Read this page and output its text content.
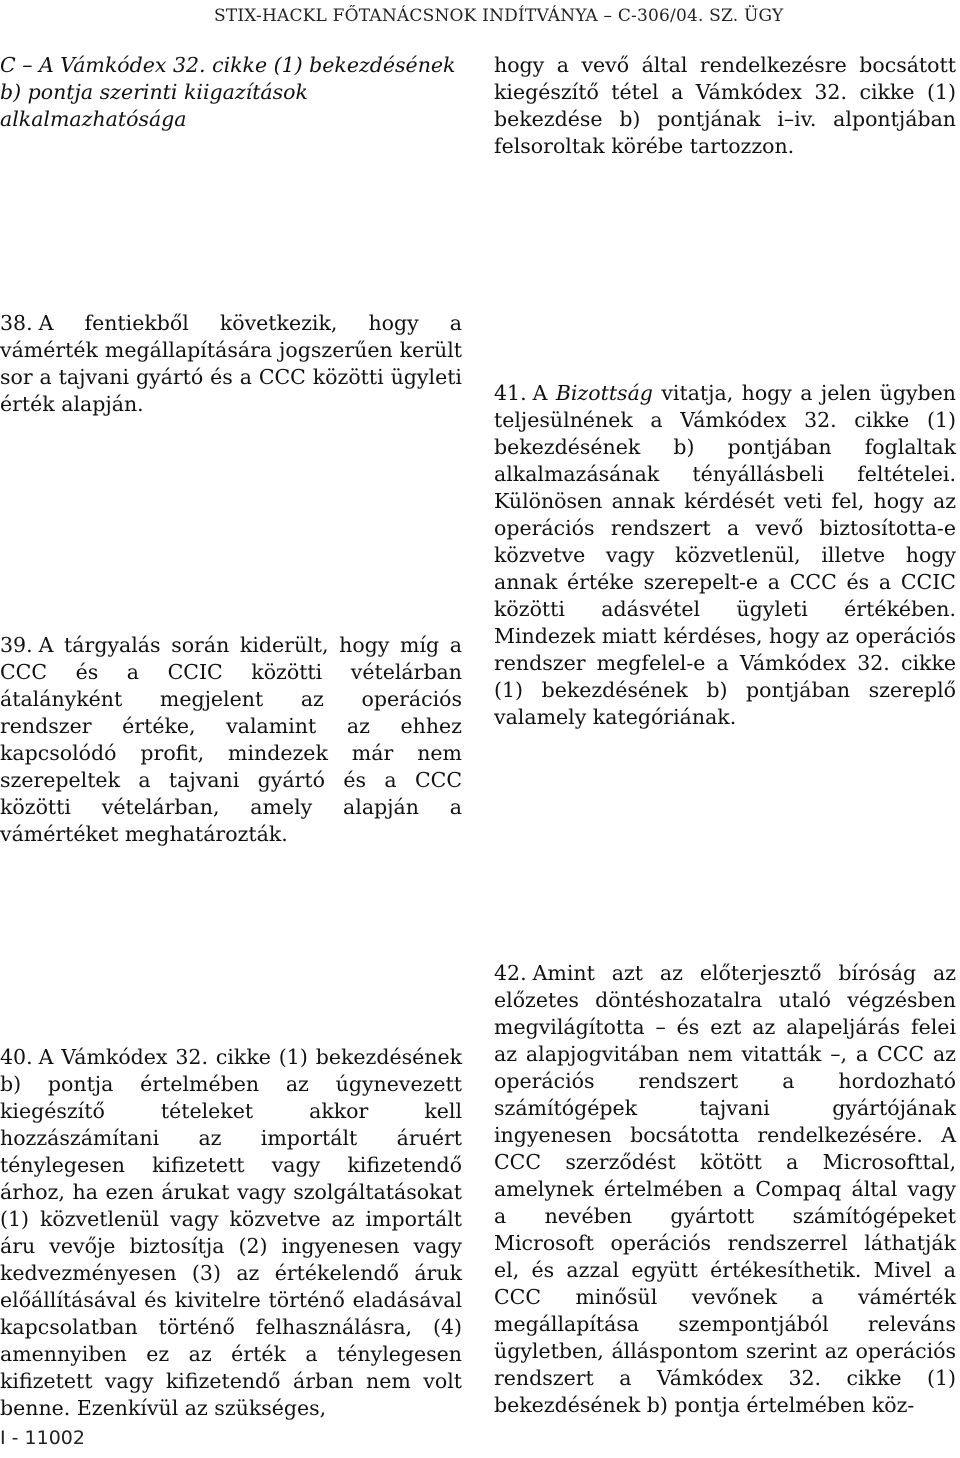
STIX-HACKL FŐTANÁCSNOK INDÍTVÁNYA – C-306/04. SZ. ÜGY
C – A Vámkódex 32. cikke (1) bekezdésének b) pontja szerinti kiigazítások alkalmazhatósága
hogy a vevő által rendelkezésre bocsátott kiegészítő tétel a Vámkódex 32. cikke (1) bekezdése b) pontjának i–iv. alpontjában felsoroltak körébe tartozzon.
38. A fentiekből következik, hogy a vámérték megállapítására jogszerűen került sor a tajvani gyártó és a CCC közötti ügyleti érték alapján.
39. A tárgyalás során kiderült, hogy míg a CCC és a CCIC közötti vételárban átalányként megjelent az operációs rendszer értéke, valamint az ehhez kapcsolódó profit, mindezek már nem szerepeltek a tajvani gyártó és a CCC közötti vételárban, amely alapján a vámértéket meghatározták.
41. A Bizottság vitatja, hogy a jelen ügyben teljesülnének a Vámkódex 32. cikke (1) bekezdésének b) pontjában foglaltak alkalmazásának tényállásbeli feltételei. Különösen annak kérdését veti fel, hogy az operációs rendszert a vevő biztosította-e közvetve vagy közvetlenül, illetve hogy annak értéke szerepelt-e a CCC és a CCIC közötti adásvétel ügyleti értékében. Mindezek miatt kérdéses, hogy az operációs rendszer megfelel-e a Vámkódex 32. cikke (1) bekezdésének b) pontjában szereplő valamely kategóriának.
40. A Vámkódex 32. cikke (1) bekezdésének b) pontja értelmében az úgynevezett kiegészítő tételeket akkor kell hozzászámítani az importált áruért ténylegesen kifizetett vagy kifizetendő árhoz, ha ezen árukat vagy szolgáltatásokat (1) közvetlenül vagy közvetve az importált áru vevője biztosítja (2) ingyenesen vagy kedvezményesen (3) az értékelendő áruk előállításával és kivitelre történő eladásával kapcsolatban történő felhasználásra, (4) amennyiben ez az érték a ténylegesen kifizetett vagy kifizetendő árban nem volt benne. Ezenkívül az szükséges,
42. Amint azt az előterjesztő bíróság az előzetes döntéshozatalra utaló végzésben megvilágította – és ezt az alapeljárás felei az alapjogvitában nem vitatták –, a CCC az operációs rendszert a hordozható számítógépek tajvani gyártójának ingyenesen bocsátotta rendelkezésére. A CCC szerződést kötött a Microsofttal, amelynek értelmében a Compaq által vagy a nevében gyártott számítógépeket Microsoft operációs rendszerrel láthatják el, és azzal együtt értékesíthetik. Mivel a CCC minősül vevőnek a vámérték megállapítása szempontjából releváns ügyletben, álláspontom szerint az operációs rendszert a Vámkódex 32. cikke (1) bekezdésének b) pontja értelmében köz-
I - 11002
